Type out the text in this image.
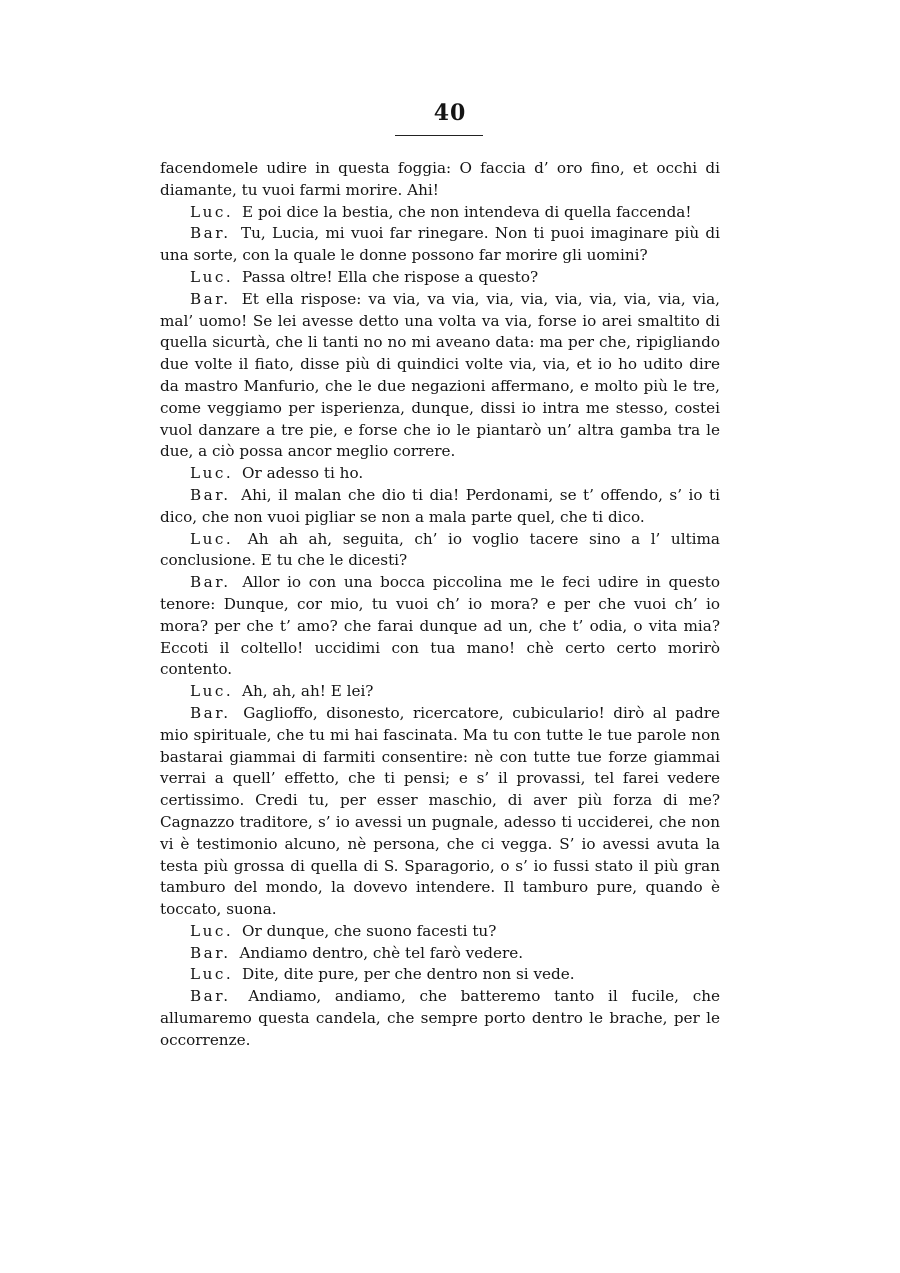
40

facendomele udire in questa foggia: O faccia d’ oro fino, et occhi di diamante, tu vuoi farmi morire. Ahi!

Luc. E poi dice la bestia, che non intendeva di quella faccenda!

Bar. Tu, Lucia, mi vuoi far rinegare. Non ti puoi imaginare più di una sorte, con la quale le donne possono far morire gli uomini?

Luc. Passa oltre! Ella che rispose a questo?

Bar. Et ella rispose: va via, va via, via, via, via, via, via, via, via, mal’ uomo! Se lei avesse detto una volta va via, forse io arei smaltito di quella sicurtà, che li tanti no no mi aveano data: ma per che, ripigliando due volte il fiato, disse più di quindici volte via, via, et io ho udito dire da mastro Manfurio, che le due negazioni affermano, e molto più le tre, come veggiamo per isperienza, dunque, dissi io intra me stesso, costei vuol danzare a tre pie, e forse che io le piantarò un’ altra gamba tra le due, a ciò possa ancor meglio correre.

Luc. Or adesso ti ho.

Bar. Ahi, il malan che dio ti dia! Perdonami, se t’ offendo, s’ io ti dico, che non vuoi pigliar se non a mala parte quel, che ti dico.

Luc. Ah ah ah, seguita, ch’ io voglio tacere sino a l’ ultima conclusione. E tu che le dicesti?

Bar. Allor io con una bocca piccolina me le feci udire in questo tenore: Dunque, cor mio, tu vuoi ch’ io mora? e per che vuoi ch’ io mora? per che t’ amo? che farai dunque ad un, che t’ odia, o vita mia? Eccoti il coltello! uccidimi con tua mano! chè certo certo morirò contento.

Luc. Ah, ah, ah! E lei?

Bar. Gaglioffo, disonesto, ricercatore, cubiculario! dirò al padre mio spirituale, che tu mi hai fascinata. Ma tu con tutte le tue parole non bastarai giammai di farmiti consentire: nè con tutte tue forze giammai verrai a quell’ effetto, che ti pensi; e s’ il provassi, tel farei vedere certissimo. Credi tu, per esser maschio, di aver più forza di me? Cagnazzo traditore, s’ io avessi un pugnale, adesso ti ucciderei, che non vi è testimonio alcuno, nè persona, che ci vegga. S’ io avessi avuta la testa più grossa di quella di S. Sparagorio, o s’ io fussi stato il più gran tamburo del mondo, la dovevo intendere. Il tamburo pure, quando è toccato, suona.

Luc. Or dunque, che suono facesti tu?

Bar. Andiamo dentro, chè tel farò vedere.

Luc. Dite, dite pure, per che dentro non si vede.

Bar. Andiamo, andiamo, che batteremo tanto il fucile, che allumaremo questa candela, che sempre porto dentro le brache, per le occorrenze.
